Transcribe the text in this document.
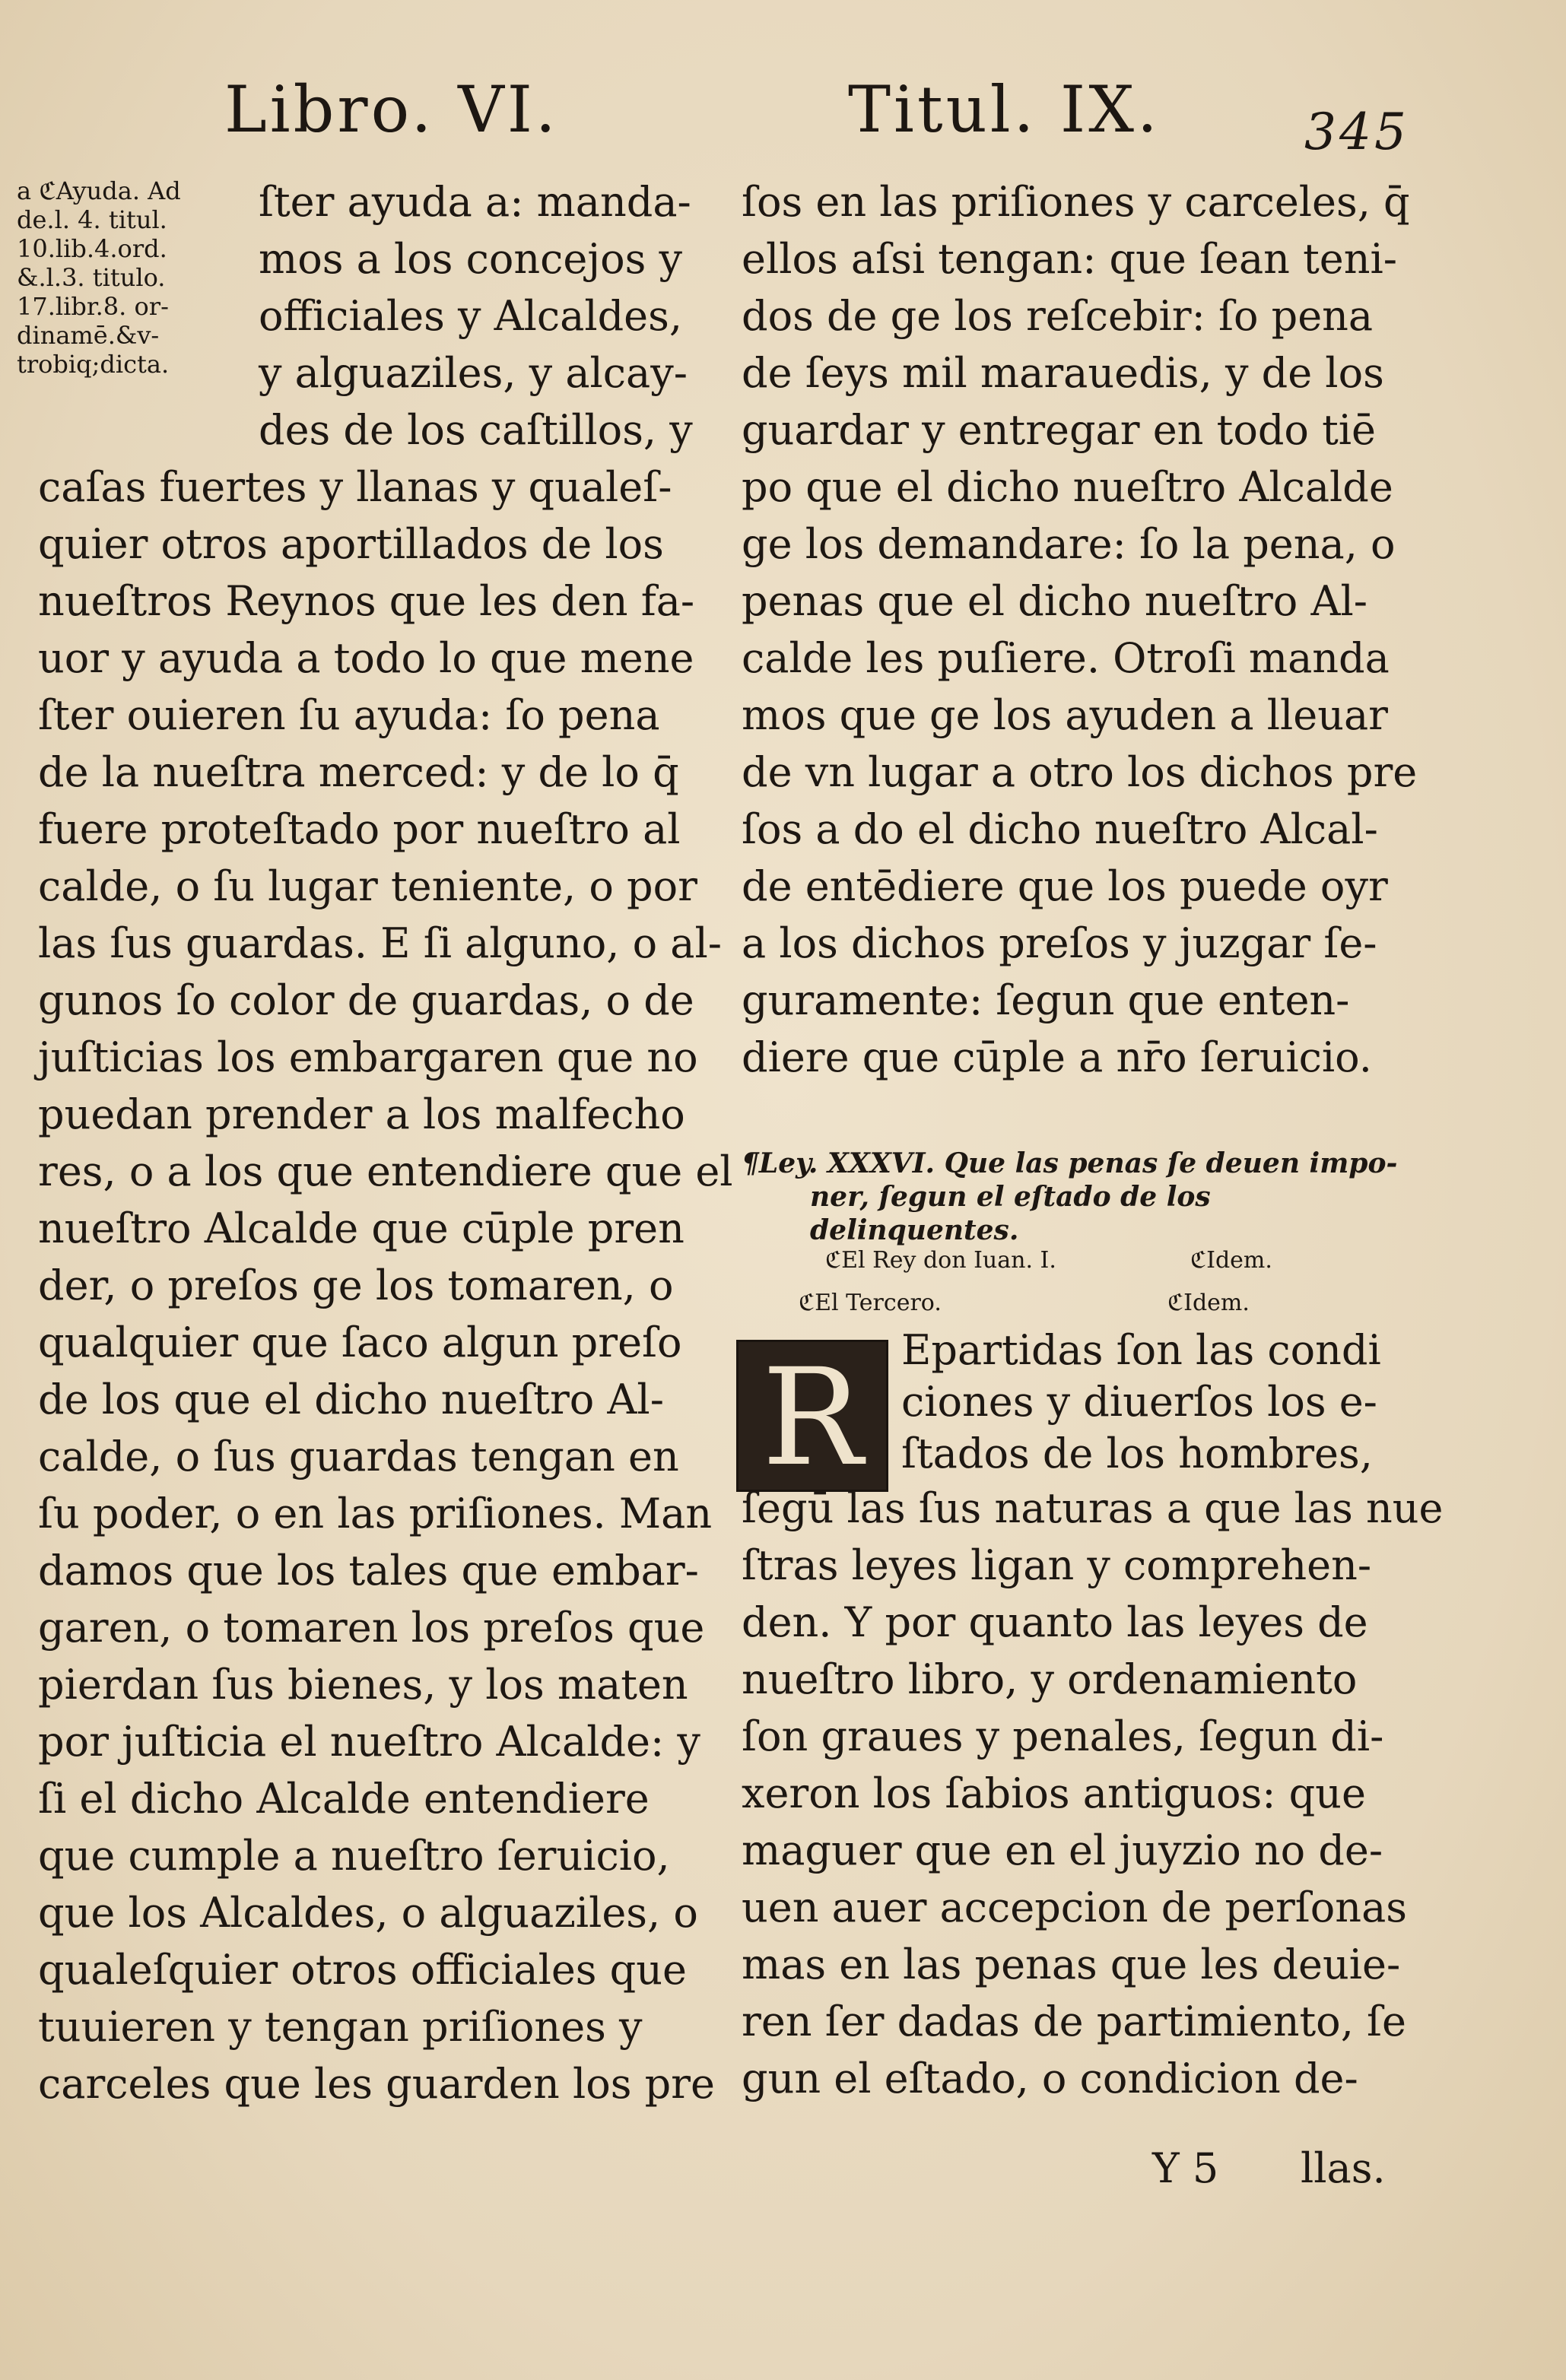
Libro. VI.	Titul. IX.	345
a ℭAyuda. Ad
de.l. 4. titul.
10.lib.4.ord.
&.l.3. titulo.
17.libr.8. or-
dinamē.&v-
trobiq;dicta.
ſter ayuda a: manda-
mos a los concejos y
officiales y Alcaldes,
y alguaziles, y alcay-
des de los caſtillos, y
caſas fuertes y llanas y qualeſ-
quier otros aportillados de los
nueſtros Reynos que les den fa-
uor y ayuda a todo lo que mene
ſter ouieren ſu ayuda: ſo pena
de la nueſtra merced: y de lo q̄
fuere proteſtado por nueſtro al
calde, o ſu lugar teniente, o por
las ſus guardas. E ſi alguno, o al-
gunos ſo color de guardas, o de
juſticias los embargaren que no
puedan prender a los malfecho
res, o a los que entendiere que el
nueſtro Alcalde que cūple pren
der, o preſos ge los tomaren, o
qualquier que ſaco algun preſo
de los que el dicho nueſtro Al-
calde, o ſus guardas tengan en
ſu poder, o en las priſiones. Man
damos que los tales que embar-
garen, o tomaren los preſos que
pierdan ſus bienes, y los maten
por juſticia el nueſtro Alcalde: y
ſi el dicho Alcalde entendiere
que cumple a nueſtro ſeruicio,
que los Alcaldes, o alguaziles, o
qualeſquier otros officiales que
tuuieren y tengan priſiones y
carceles que les guarden los pre
ſos en las priſiones y carceles, q̄
ellos aſsi tengan: que ſean teni-
dos de ge los reſcebir: ſo pena
de ſeys mil marauedis, y de los
guardar y entregar en todo tiē
po que el dicho nueſtro Alcalde
ge los demandare: ſo la pena, o
penas que el dicho nueſtro Al-
calde les puſiere. Otroſi manda
mos que ge los ayuden a lleuar
de vn lugar a otro los dichos pre
ſos a do el dicho nueſtro Alcal-
de entēdiere que los puede oyr
a los dichos preſos y juzgar ſe-
guramente: ſegun que enten-
diere que cūple a nr̄o ſeruicio.
¶Ley. XXXVI. Que las penas ſe deuen impo-
ner, ſegun el eſtado de los delinquentes.
ℭEl Rey don Iuan. I.	ℭIdem.
ℭEl Tercero.	ℭIdem.
R Epartidas ſon las condi
ciones y diuerſos los e-
ſtados de los hombres,
ſegū las ſus naturas a que las nue
ſtras leyes ligan y comprehen-
den. Y por quanto las leyes de
nueſtro libro, y ordenamiento
ſon graues y penales, ſegun di-
xeron los ſabios antiguos: que
maguer que en el juyzio no de-
uen auer accepcion de perſonas
mas en las penas que les deuie-
ren ſer dadas de partimiento, ſe
gun el eſtado, o condicion de-
Y 5 llas.
